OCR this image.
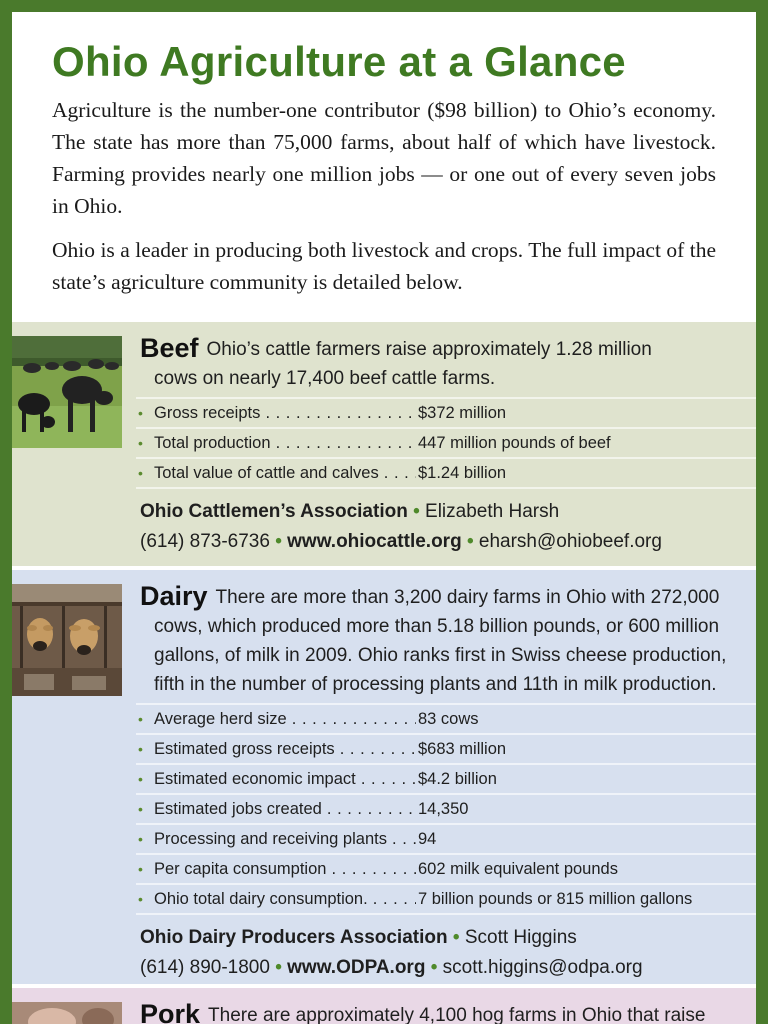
Ohio Agriculture at a Glance

Agriculture is the number-one contributor ($98 billion) to Ohio’s economy. The state has more than 75,000 farms, about half of which have livestock. Farming provides nearly one million jobs — or one out of every seven jobs in Ohio.

Ohio is a leader in producing both livestock and crops. The full impact of the state’s agriculture community is detailed below.

Beef Ohio’s cattle farmers raise approximately 1.28 million
cows on nearly 17,400 beef cattle farms.
• Gross receipts . . .	$372 million
• Total production . . .	447 million pounds of beef
• Total value of cattle and calves . . .	$1.24 billion
Ohio Cattlemen’s Association • Elizabeth Harsh
(614) 873-6736 • www.ohiocattle.org • eharsh@ohiobeef.org
Dairy There are more than 3,200 dairy farms in Ohio with 272,000
cows, which produced more than 5.18 billion pounds, or 600 million
gallons, of milk in 2009. Ohio ranks first in Swiss cheese production,
fifth in the number of processing plants and 11th in milk production.
• Average herd size . . .	83 cows
• Estimated gross receipts . . .	$683 million
• Estimated economic impact . . .	$4.2 billion
• Estimated jobs created . . .	14,350
• Processing and receiving plants . . .	94
• Per capita consumption . . .	602 milk equivalent pounds
• Ohio total dairy consumption. . . .	7 billion pounds or 815 million gallons
Ohio Dairy Producers Association • Scott Higgins
(614) 890-1800 • www.ODPA.org • scott.higgins@odpa.org
Pork There are approximately 4,100 hog farms in Ohio that raise
